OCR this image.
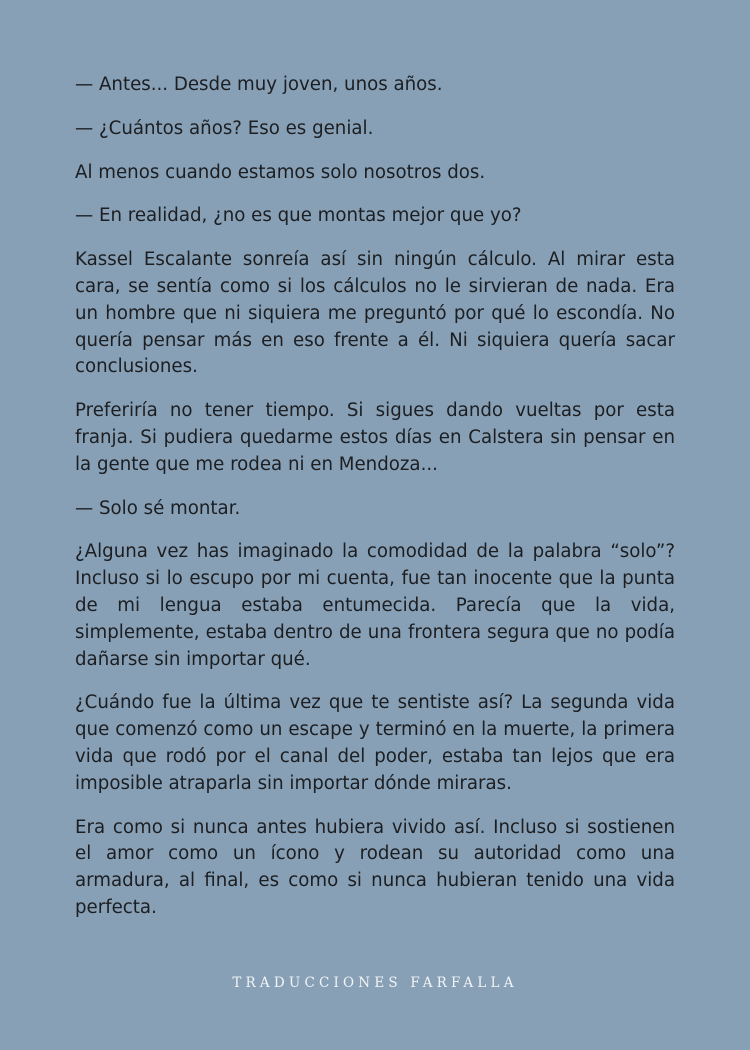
— Antes... Desde muy joven, unos años.

— ¿Cuántos años? Eso es genial.

Al menos cuando estamos solo nosotros dos.

— En realidad, ¿no es que montas mejor que yo?

Kassel Escalante sonreía así sin ningún cálculo. Al mirar esta cara, se sentía como si los cálculos no le sirvieran de nada. Era un hombre que ni siquiera me preguntó por qué lo escondía. No quería pensar más en eso frente a él. Ni siquiera quería sacar conclusiones.

Preferiría no tener tiempo. Si sigues dando vueltas por esta franja. Si pudiera quedarme estos días en Calstera sin pensar en la gente que me rodea ni en Mendoza...

— Solo sé montar.

¿Alguna vez has imaginado la comodidad de la palabra “solo”? Incluso si lo escupo por mi cuenta, fue tan inocente que la punta de mi lengua estaba entumecida. Parecía que la vida, simplemente, estaba dentro de una frontera segura que no podía dañarse sin importar qué.

¿Cuándo fue la última vez que te sentiste así? La segunda vida que comenzó como un escape y terminó en la muerte, la primera vida que rodó por el canal del poder, estaba tan lejos que era imposible atraparla sin importar dónde miraras.

Era como si nunca antes hubiera vivido así. Incluso si sostienen el amor como un ícono y rodean su autoridad como una armadura, al final, es como si nunca hubieran tenido una vida perfecta.

TRADUCCIONES FARFALLA
